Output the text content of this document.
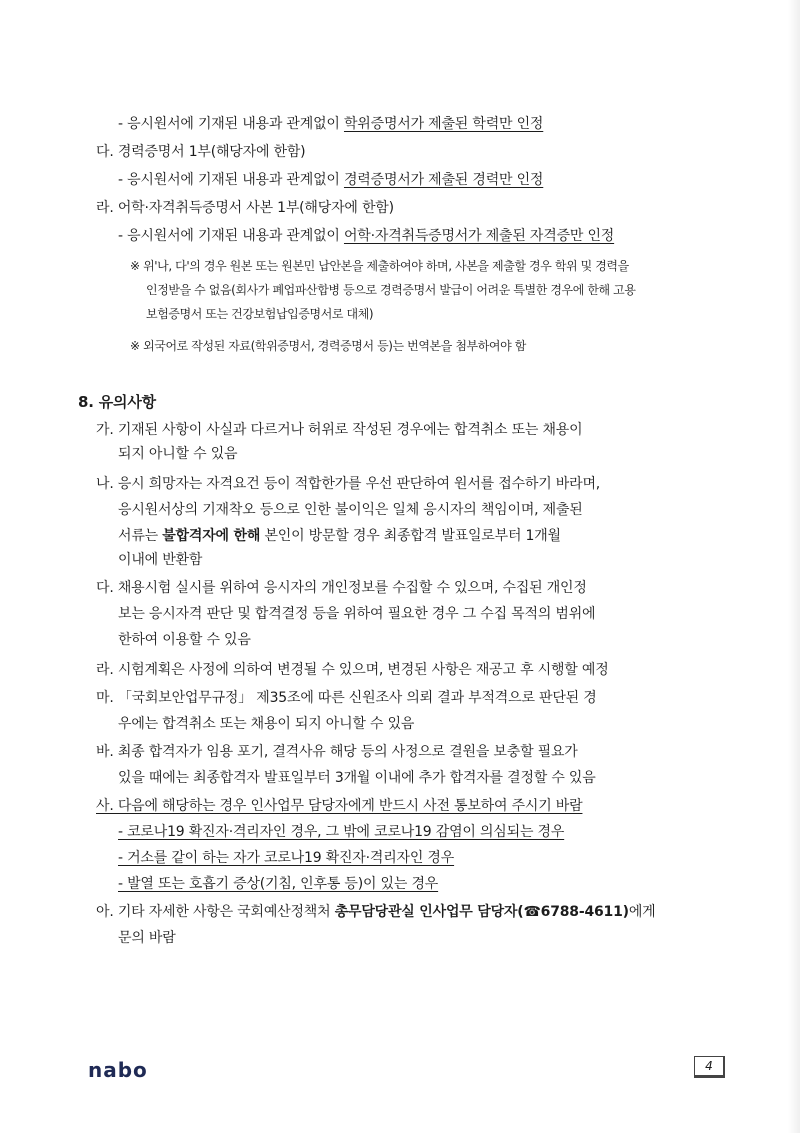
- 응시원서에 기재된 내용과 관계없이 학위증명서가 제출된 학력만 인정
다. 경력증명서 1부(해당자에 한함)
- 응시원서에 기재된 내용과 관계없이 경력증명서가 제출된 경력만 인정
라. 어학·자격취득증명서 사본 1부(해당자에 한함)
- 응시원서에 기재된 내용과 관계없이 어학·자격취득증명서가 제출된 자격증만 인정
※ 위'나, 다'의 경우 원본 또는 원본민 납안본을 제출하여야 하며, 사본을 제출할 경우 학위 및 경력을
인정받을 수 없음(회사가 폐업파산합병 등으로 경력증명서 발급이 어려운 특별한 경우에 한해 고용
보험증명서 또는 건강보험납입증명서로 대체)
※ 외국어로 작성된 자료(학위증명서, 경력증명서 등)는 번역본을 첨부하여야 함
8. 유의사항
가. 기재된 사항이 사실과 다르거나 허위로 작성된 경우에는 합격취소 또는 채용이
되지 아니할 수 있음
나. 응시 희망자는 자격요건 등이 적합한가를 우선 판단하여 원서를 접수하기 바라며,
응시원서상의 기재착오 등으로 인한 불이익은 일체 응시자의 책임이며, 제출된
서류는 불합격자에 한해 본인이 방문할 경우 최종합격 발표일로부터 1개월
이내에 반환함
다. 채용시험 실시를 위하여 응시자의 개인정보를 수집할 수 있으며, 수집된 개인정
보는 응시자격 판단 및 합격결정 등을 위하여 필요한 경우 그 수집 목적의 범위에
한하여 이용할 수 있음
라. 시험계획은 사정에 의하여 변경될 수 있으며, 변경된 사항은 재공고 후 시행할 예정
마. 「국회보안업무규정」 제35조에 따른 신원조사 의뢰 결과 부적격으로 판단된 경
우에는 합격취소 또는 채용이 되지 아니할 수 있음
바. 최종 합격자가 임용 포기, 결격사유 해당 등의 사정으로 결원을 보충할 필요가
있을 때에는 최종합격자 발표일부터 3개월 이내에 추가 합격자를 결정할 수 있음
사. 다음에 해당하는 경우 인사업무 담당자에게 반드시 사전 통보하여 주시기 바람
- 코로나19 확진자·격리자인 경우, 그 밖에 코로나19 감염이 의심되는 경우
- 거소를 같이 하는 자가 코로나19 확진자·격리자인 경우
- 발열 또는 호흡기 증상(기침, 인후통 등)이 있는 경우
아. 기타 자세한 사항은 국회예산정책처 총무담당관실 인사업무 담당자(☎6788-4611)에게
문의 바람
nabo	4
